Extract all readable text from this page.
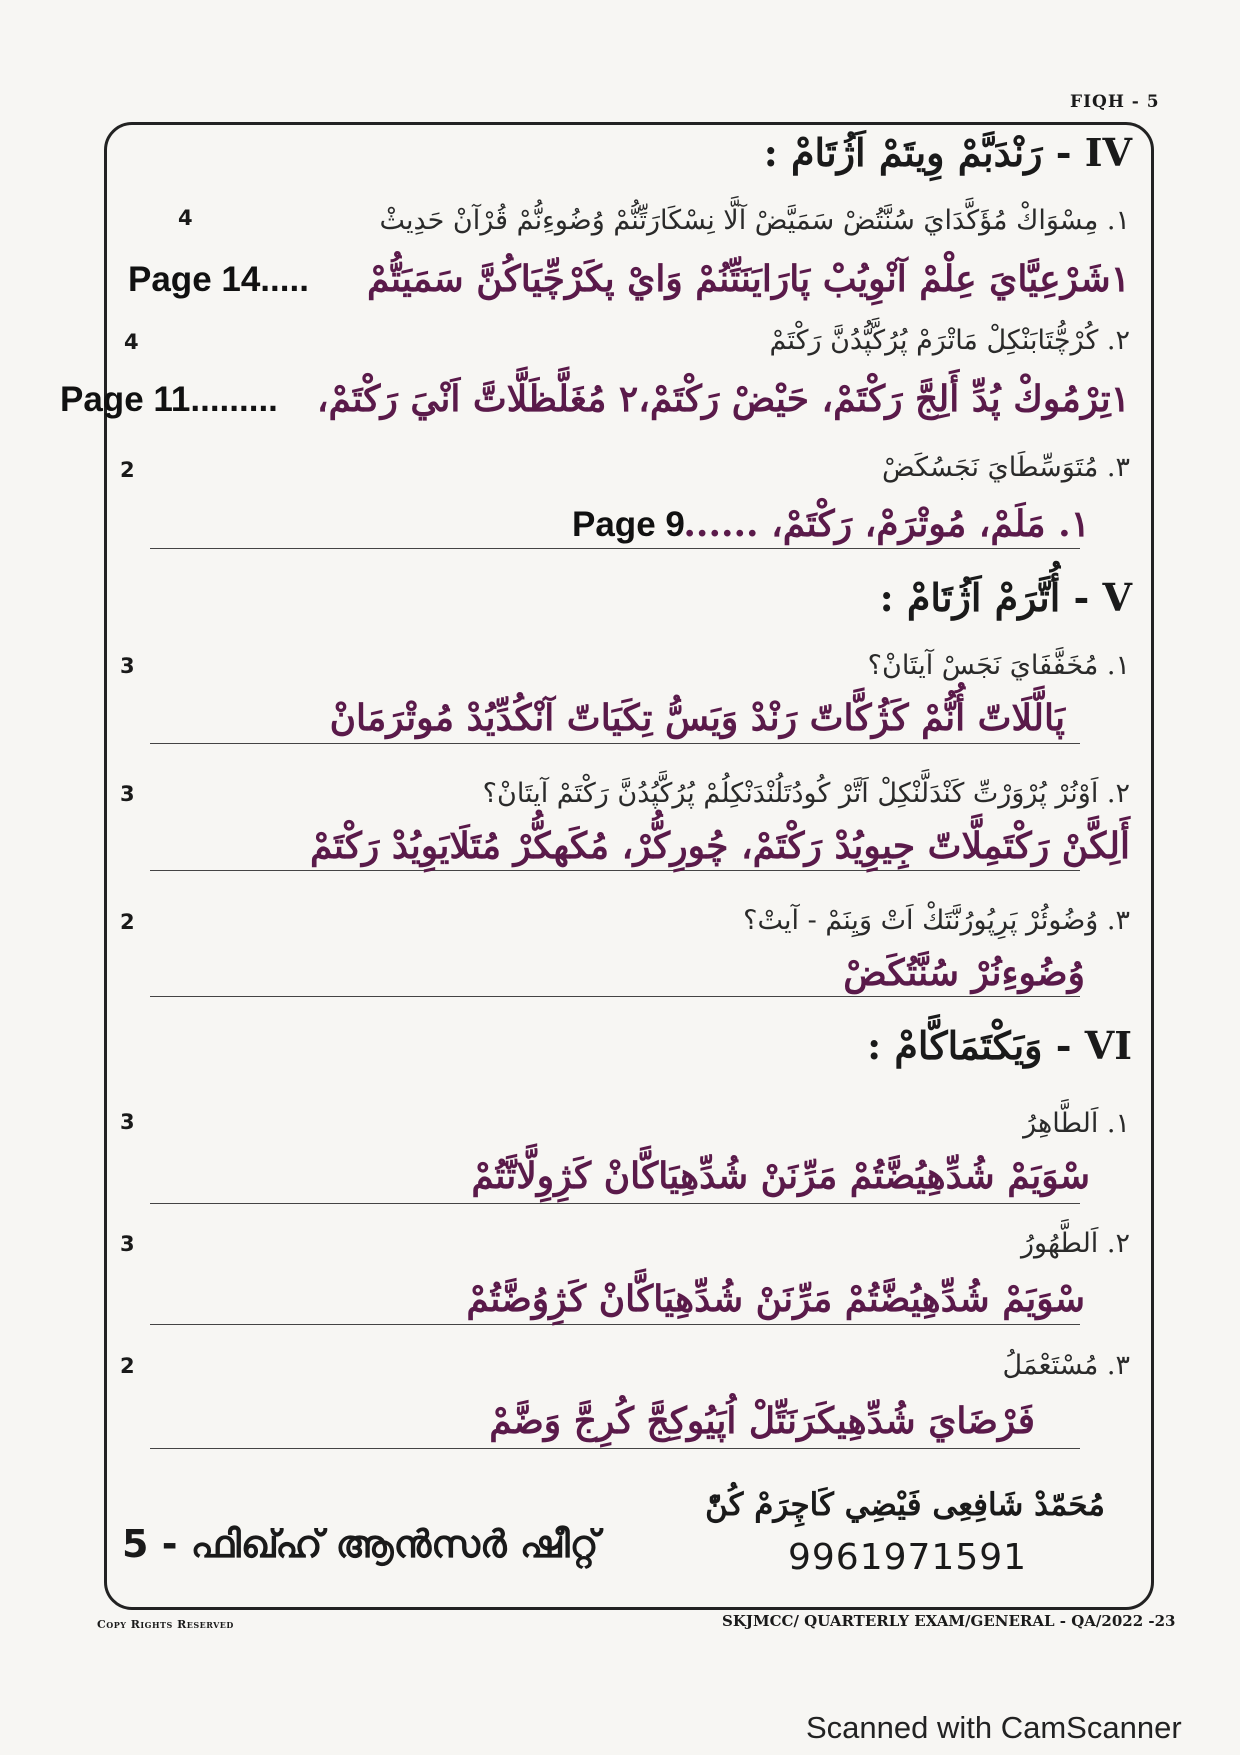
FIQH - 5
IV - رَنْدَبَّمْ وِيتَمْ اَژُتَامْ :
١. مِسْوَاكْ مُؤَكَّدَايَ سُنَّتُضْ سَمَيَّضْ آلَّا نِسْكَارَتِّنُّمْ وُضُوءِنُّمْ قُرْآنْ حَدِيثْ
4
١شَرْعِيَّايَ عِلْمْ آنْوِيُبْ پَارَايَنَتِّنُمْ وَايْ پكَرْچِّيَاكُنَّ سَمَيَتُّمْ
Page 14.....
٢. كُرْچُّتَابَنْكِلْ مَاتْرَمْ پُرُكَّپُّدُنَّ رَكْتَمْ
4
١تِرْمُوكْ پُدِّ أَلِجَّ رَكْتَمْ، حَيْضْ رَكْتَمْ،٢ مُغَلَّظَلَّاتَّ اَنْيَ رَكْتَمْ،
Page 11.........
٣. مُتَوَسِّطَايَ نَجَسُكَضْ
2
١. مَلَمْ، مُوتْرَمْ، رَكْتَمْ، ......
Page 9
V - أُتَّرَمْ اَژُتَامْ :
١. مُخَفَّفَايَ نَجَسْ آيتَانْ؟
3
پَالَّلَاتّ أُنُّمْ كَژُكَّاتّ رَنْدْ وَيَسُّ تِكَيَاتّ آنْكُدِّيُدْ مُوتْرَمَانْ
٢. اَوْنُرْ پُرْوَرْتِّ كَنْدَلَّنْكِلْ اَتَّرْ كُودُتَلُنْدَنْكِلُمْ پُرُكَّپُدُنَّ رَكْتَمْ آيتَانْ؟
3
أَلِكَّنْ رَكْتَمِلَّاتّ جِيوِيُدْ رَكْتَمْ، چُورِكُّرْ، مُكَهكُّرْ مُتَلَايَوِيُدْ رَكْتَمْ
٣. وُضُوئُرْ پَرِپُورُنَّتَكْ اَتْ وَيِنَمْ - آيتْ؟
2
وُضُوءِنُرْ سُنَّتُكَضْ
VI - وَيَكْتَمَاكَّامْ :
١. اَلطَّاهِرُ
3
سْوَيَمْ شُدِّهِيُضَّتُمْ مَرِّنَنْ شُدِّهِيَاكَّانْ كَژِوِلَّاتَّتُمْ
٢. اَلطَّهُورُ
3
سْوَيَمْ شُدِّهِيُضَّتُمْ مَرِّنَنْ شُدِّهِيَاكَّانْ كَژِوُضَّتُمْ
٣. مُسْتَعْمَلُ
2
فَرْضَايَ شُدِّهِيكَرَنَتِّلْ اُپَيُوكِجَّ كُرِجَّ وَضَّمْ
مُحَمّدْ شَافِعِى فَيْضِي كَاچِرَمْ كُنّْ
9961971591
5 - ഫിഖ്ഹ് ആൻസർ ഷീറ്റ്
Copy Rights Reserved	SKJMCC/ QUARTERLY EXAM/GENERAL - QA/2022 -23
Scanned with CamScanner
